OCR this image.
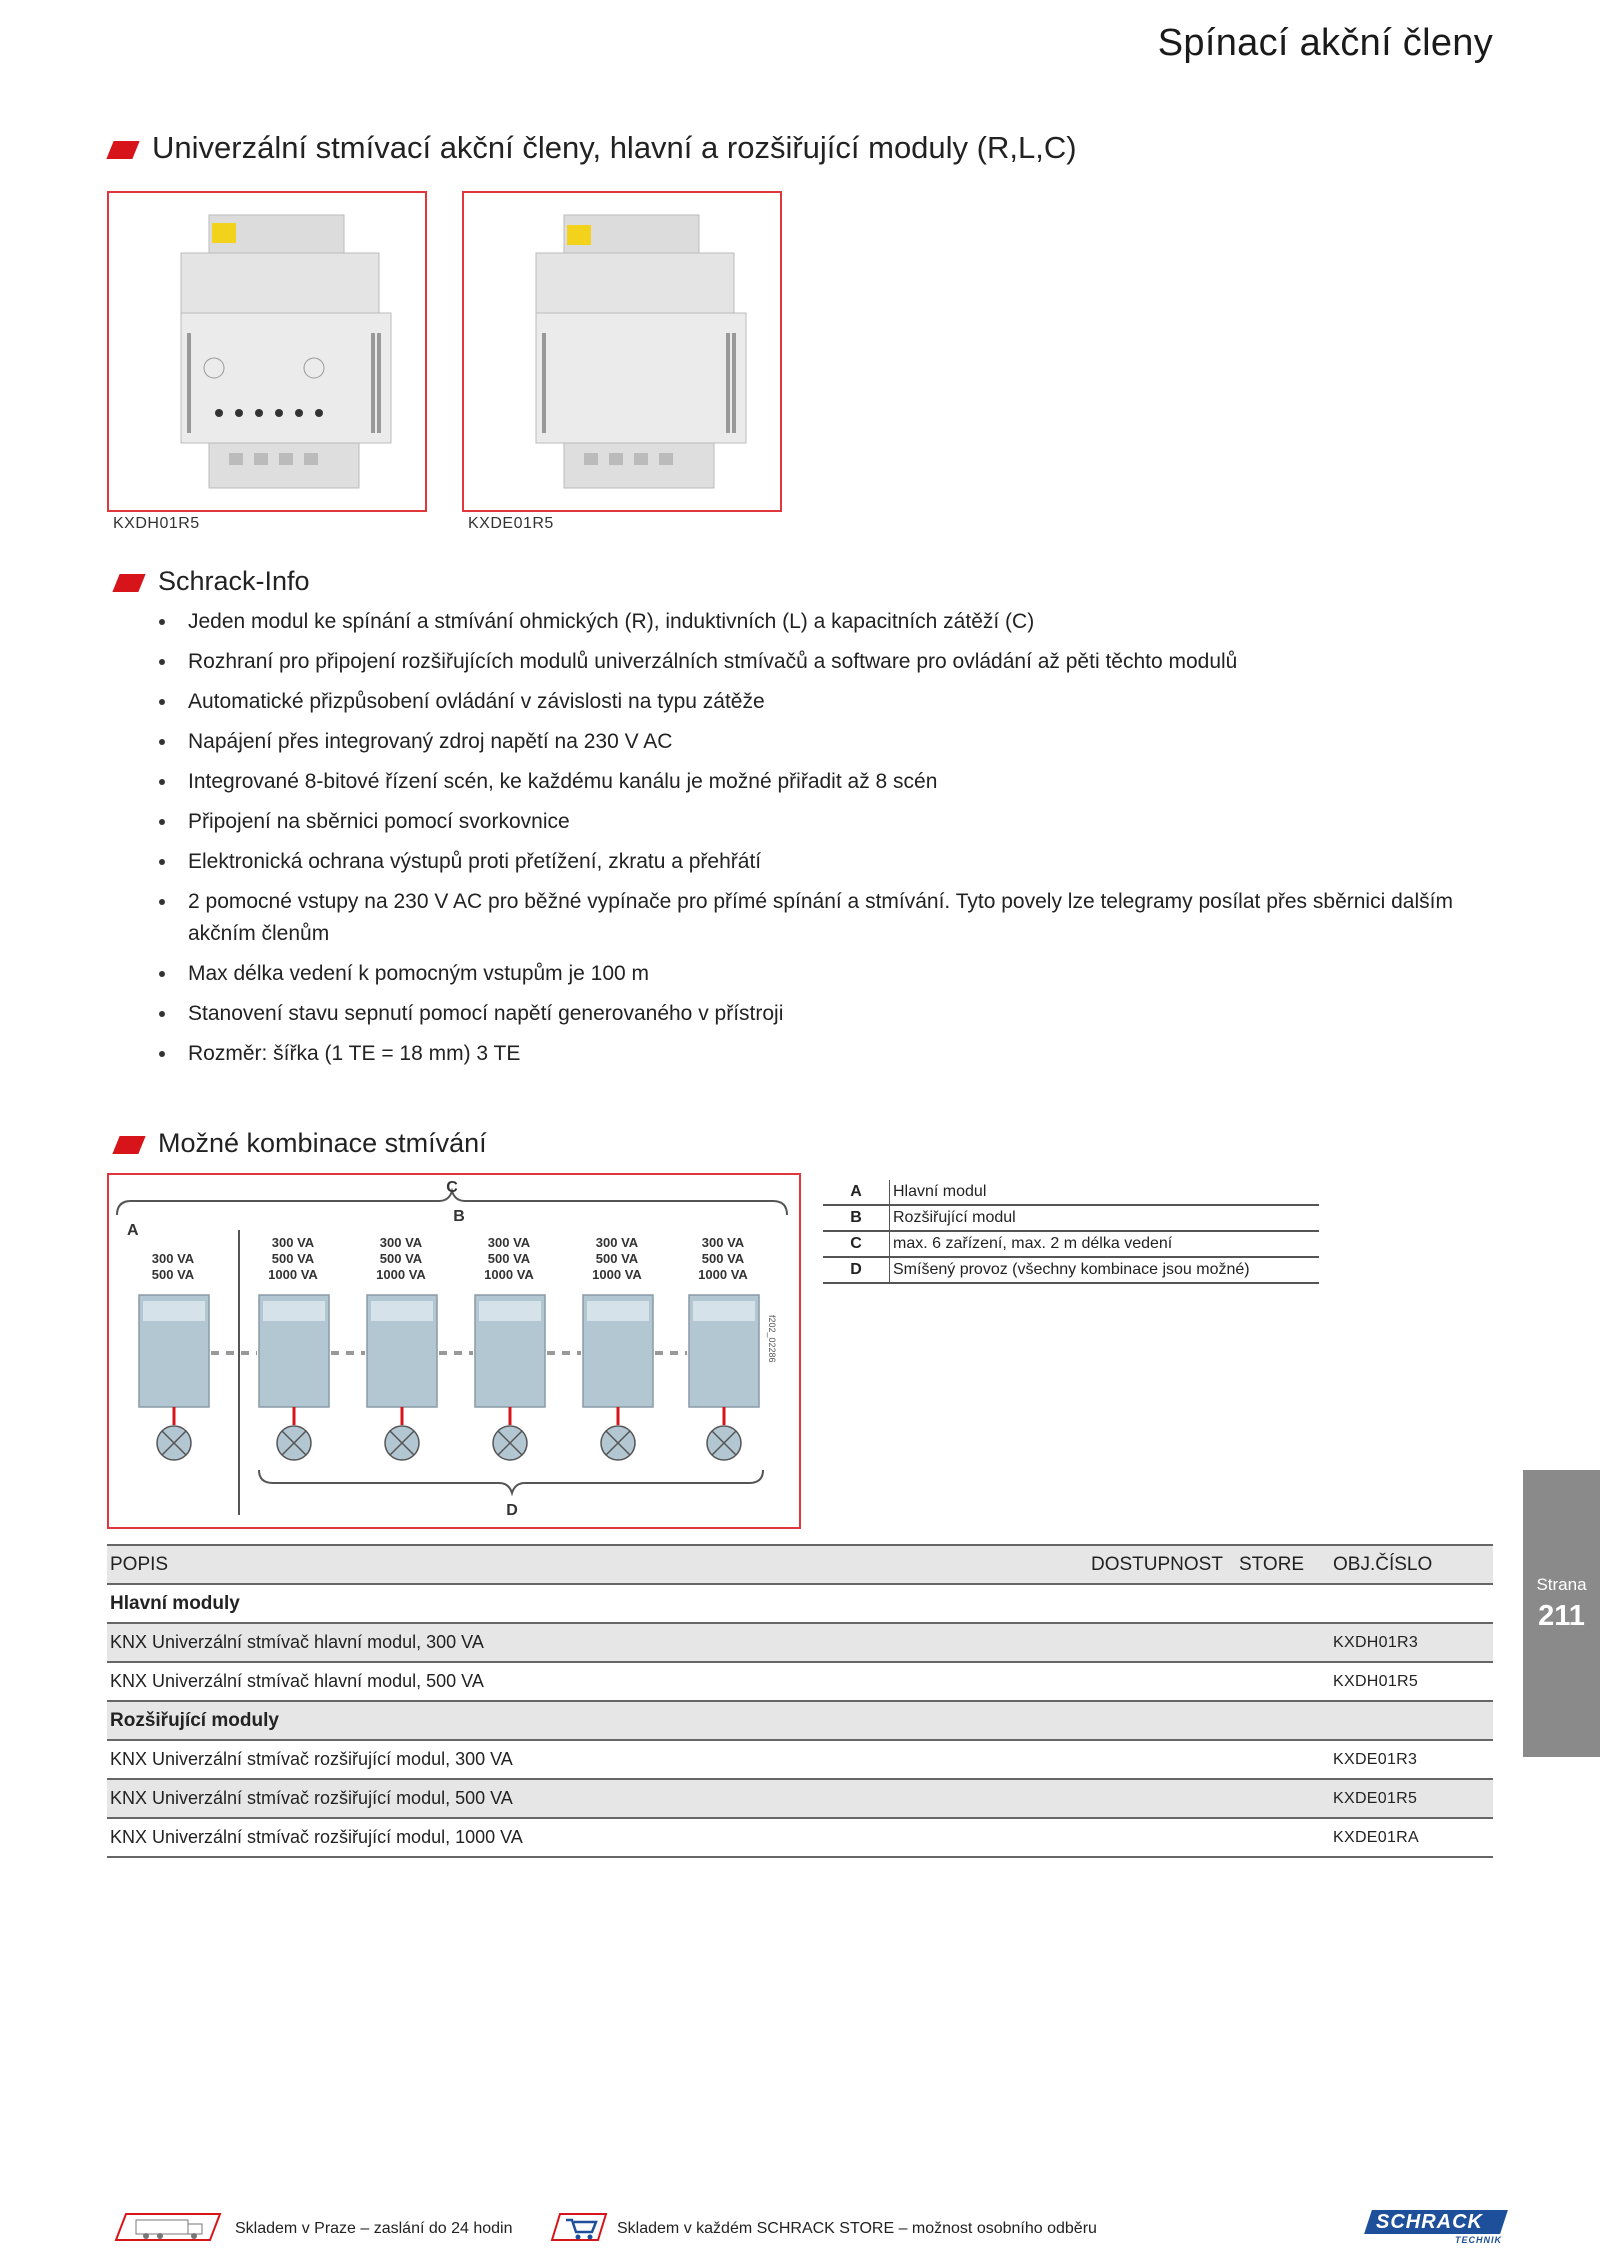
Spínací akční členy
Univerzální stmívací akční členy, hlavní a rozšiřující moduly (R,L,C)
KXDH01R5	KXDE01R5
Schrack-Info
Jeden modul ke spínání a stmívání ohmických (R), induktivních (L) a kapacitních zátěží (C)
Rozhraní pro připojení rozšiřujících modulů univerzálních stmívačů a software pro ovládání až pěti těchto modulů
Automatické přizpůsobení ovládání v závislosti na typu zátěže
Napájení přes integrovaný zdroj napětí na 230 V AC
Integrované 8-bitové řízení scén, ke každému kanálu je možné přiřadit až 8 scén
Připojení na sběrnici pomocí svorkovnice
Elektronická ochrana výstupů proti přetížení, zkratu a přehřátí
2 pomocné vstupy na 230 V AC pro běžné vypínače pro přímé spínání a stmívání. Tyto povely lze telegramy posílat přes sběrnici dalším akčním členům
Max délka vedení k pomocným vstupům je 100 m
Stanovení stavu sepnutí pomocí napětí generovaného v přístroji
Rozměr: šířka (1 TE = 18 mm) 3 TE
Možné kombinace stmívání
C
B
A
300 VA
500 VA
300 VA
500 VA
1000 VA
300 VA
500 VA
1000 VA
300 VA
500 VA
1000 VA
300 VA
500 VA
1000 VA
300 VA
500 VA
1000 VA
f202_02286
D
A	Hlavní modul
B	Rozšiřující modul
C	max. 6 zařízení, max. 2 m délka vedení
D	Smíšený provoz (všechny kombinace jsou možné)
POPIS	DOSTUPNOST	STORE	OBJ.ČÍSLO
Hlavní moduly			
KNX Univerzální stmívač hlavní modul, 300 VA			KXDH01R3
KNX Univerzální stmívač hlavní modul, 500 VA			KXDH01R5
Rozšiřující moduly			
KNX Univerzální stmívač rozšiřující modul, 300 VA			KXDE01R3
KNX Univerzální stmívač rozšiřující modul, 500 VA			KXDE01R5
KNX Univerzální stmívač rozšiřující modul, 1000 VA			KXDE01RA
Strana
211
Skladem v Praze – zaslání do 24 hodin	Skladem v každém SCHRACK STORE – možnost osobního odběru	SCHRACK
TECHNIK
